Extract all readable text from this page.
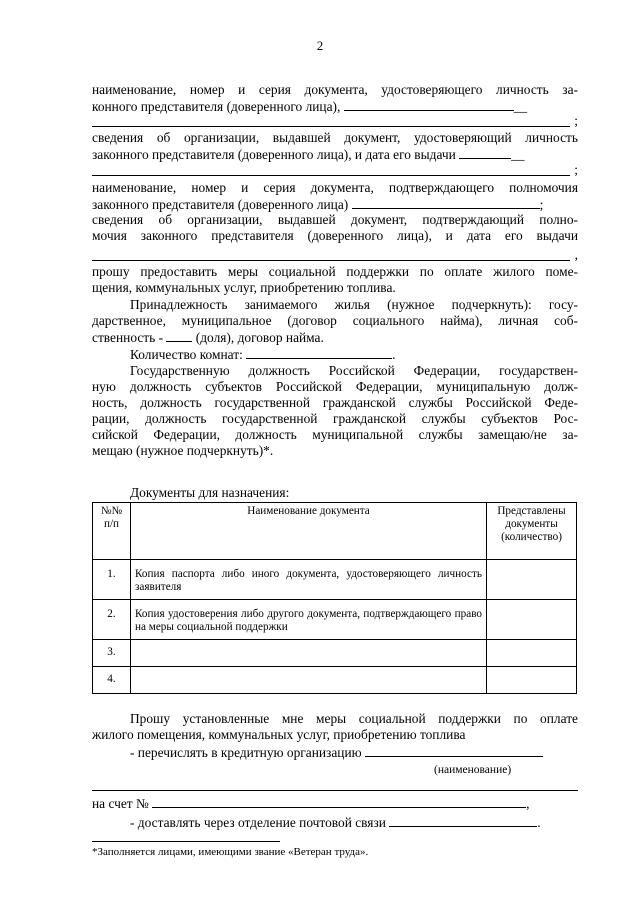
2
наименование, номер и серия документа, удостоверяющего личность за-
конного представителя (доверенного лица),	__
;
сведения об организации, выдавшей документ, удостоверяющий личность
законного представителя (доверенного лица), и дата его выдачи	__
;
наименование, номер и серия документа, подтверждающего полномочия
законного представителя (доверенного лица)	;
сведения об организации, выдавшей документ, подтверждающий полно-
мочия законного представителя (доверенного лица), и дата его выдачи
,
прошу предоставить меры социальной поддержки по оплате жилого поме-
щения, коммунальных услуг, приобретению топлива.
Принадлежность занимаемого жилья (нужное подчеркнуть): госу-
дарственное, муниципальное (договор социального найма), личная соб-
ственность - (доля), договор найма.
Количество комнат:	.
Государственную должность Российской Федерации, государствен-
ную должность субъектов Российской Федерации, муниципальную долж-
ность, должность государственной гражданской службы Российской Феде-
рации, должность государственной гражданской службы субъектов Рос-
сийской Федерации, должность муниципальной службы замещаю/не за-
мещаю (нужное подчеркнуть)*.
Документы для назначения:
№№ п/п	Наименование документа	Представлены документы (количество)
1.	Копия паспорта либо иного документа, удостоверяющего личность заявителя	
2.	Копия удостоверения либо другого документа, подтверждающего право на меры социальной поддержки	
3.		
4.		
Прошу установленные мне меры социальной поддержки по оплате
жилого помещения, коммунальных услуг, приобретению топлива
- перечислять в кредитную организацию
(наименование)
на счет №	,
- доставлять через отделение почтовой связи	.
*Заполняется лицами, имеющими звание «Ветеран труда».
